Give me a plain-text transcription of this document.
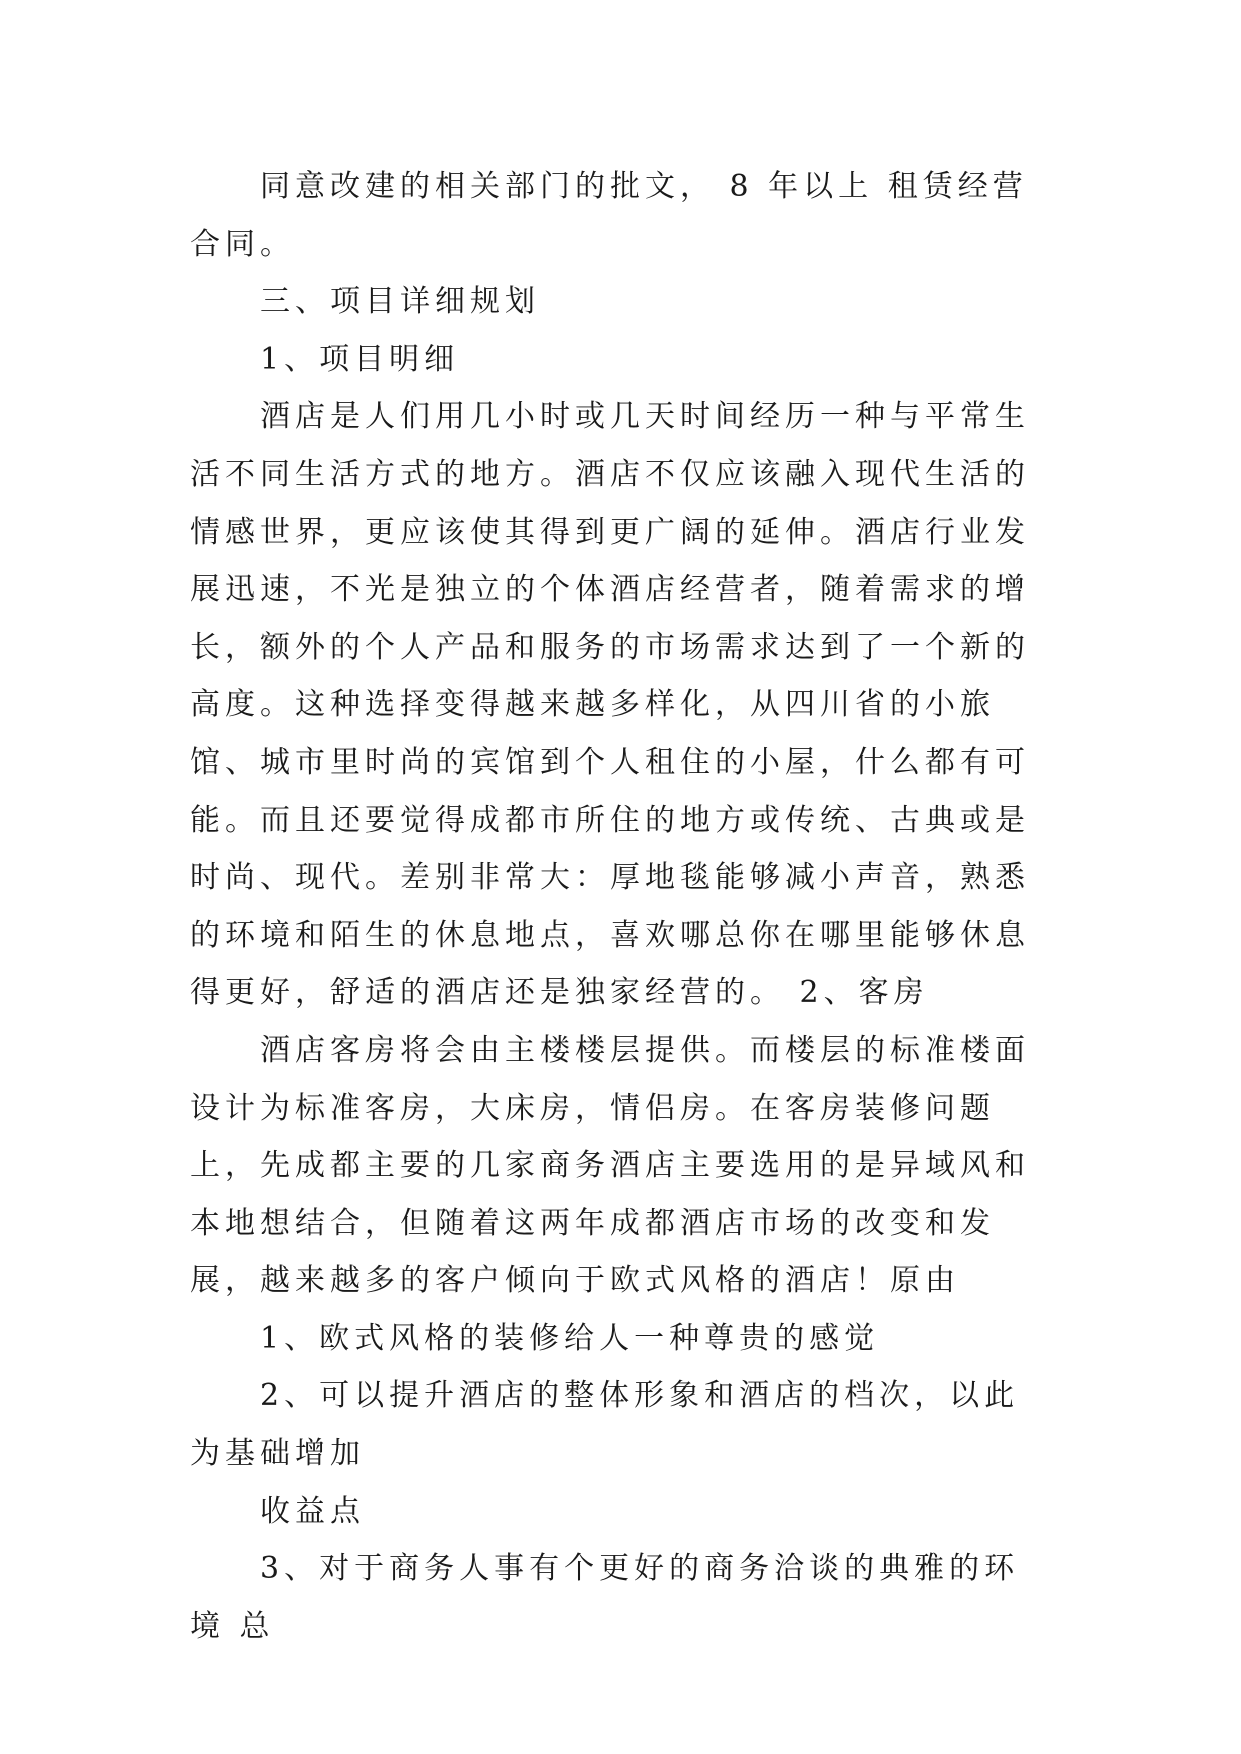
同意改建的相关部门的批文， 8 年以上 租赁经营合同。

三、项目详细规划

1、项目明细

酒店是人们用几小时或几天时间经历一种与平常生活不同生活方式的地方。酒店不仅应该融入现代生活的情感世界，更应该使其得到更广阔的延伸。酒店行业发展迅速，不光是独立的个体酒店经营者，随着需求的增长，额外的个人产品和服务的市场需求达到了一个新的高度。这种选择变得越来越多样化，从四川省的小旅馆、城市里时尚的宾馆到个人租住的小屋，什么都有可能。而且还要觉得成都市所住的地方或传统、古典或是时尚、现代。差别非常大：厚地毯能够减小声音，熟悉的环境和陌生的休息地点，喜欢哪总你在哪里能够休息得更好，舒适的酒店还是独家经营的。 2、客房

酒店客房将会由主楼楼层提供。而楼层的标准楼面设计为标准客房，大床房，情侣房。在客房装修问题上，先成都主要的几家商务酒店主要选用的是异域风和本地想结合，但随着这两年成都酒店市场的改变和发展，越来越多的客户倾向于欧式风格的酒店！原由

1、欧式风格的装修给人一种尊贵的感觉

2、可以提升酒店的整体形象和酒店的档次，以此为基础增加

收益点

3、对于商务人事有个更好的商务洽谈的典雅的环境 总
